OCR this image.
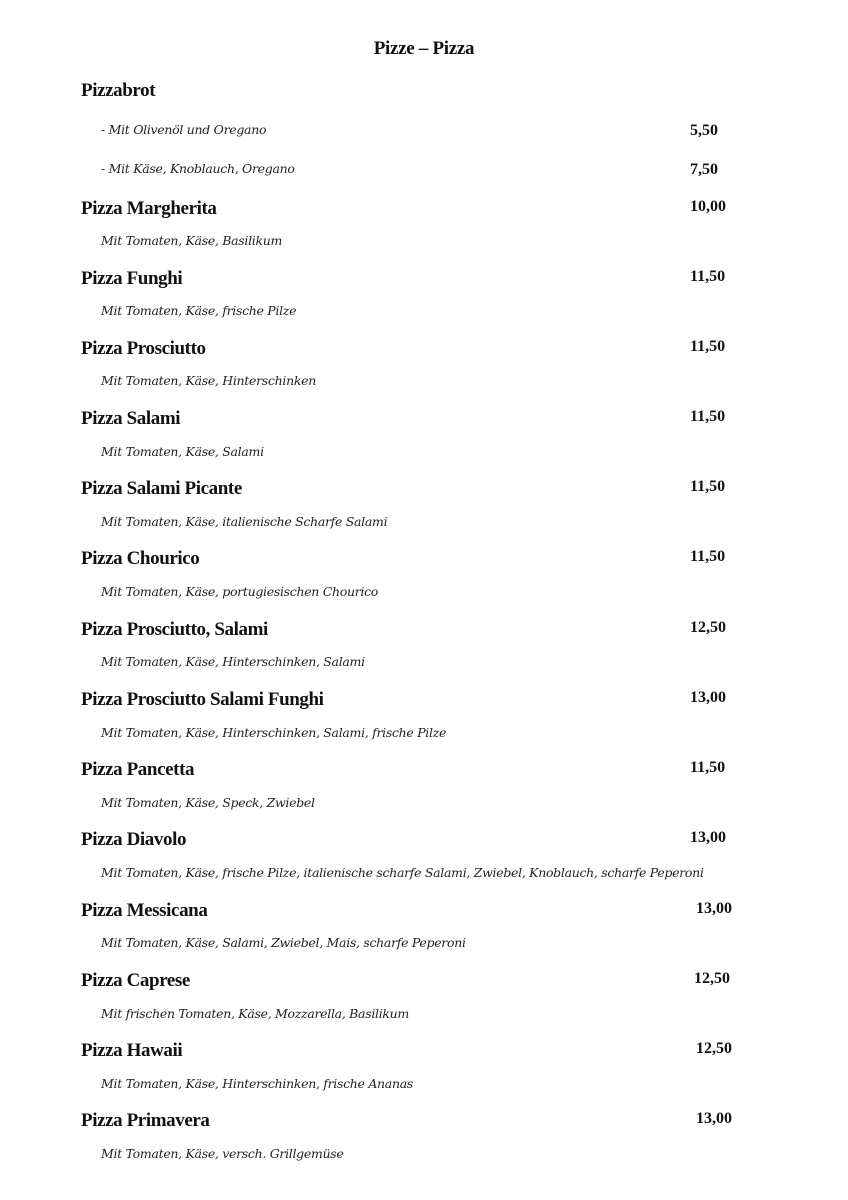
Pizze – Pizza
Pizzabrot
- Mit Olivenöl und Oregano	5,50
- Mit Käse, Knoblauch, Oregano	7,50
Pizza Margherita	10,00
Mit Tomaten, Käse, Basilikum
Pizza Funghi	11,50
Mit Tomaten, Käse, frische Pilze
Pizza Prosciutto	11,50
Mit Tomaten, Käse, Hinterschinken
Pizza Salami	11,50
Mit Tomaten, Käse, Salami
Pizza Salami Picante	11,50
Mit Tomaten, Käse, italienische Scharfe Salami
Pizza Chourico	11,50
Mit Tomaten, Käse, portugiesischen Chourico
Pizza Prosciutto, Salami	12,50
Mit Tomaten, Käse, Hinterschinken, Salami
Pizza Prosciutto Salami Funghi	13,00
Mit Tomaten, Käse, Hinterschinken, Salami, frische Pilze
Pizza Pancetta	11,50
Mit Tomaten, Käse, Speck, Zwiebel
Pizza Diavolo	13,00
Mit Tomaten, Käse, frische Pilze, italienische scharfe Salami, Zwiebel, Knoblauch, scharfe Peperoni
Pizza Messicana	13,00
Mit Tomaten, Käse, Salami, Zwiebel, Mais, scharfe Peperoni
Pizza Caprese	12,50
Mit frischen Tomaten, Käse, Mozzarella, Basilikum
Pizza Hawaii	12,50
Mit Tomaten, Käse, Hinterschinken, frische Ananas
Pizza Primavera	13,00
Mit Tomaten, Käse, versch. Grillgemüse
